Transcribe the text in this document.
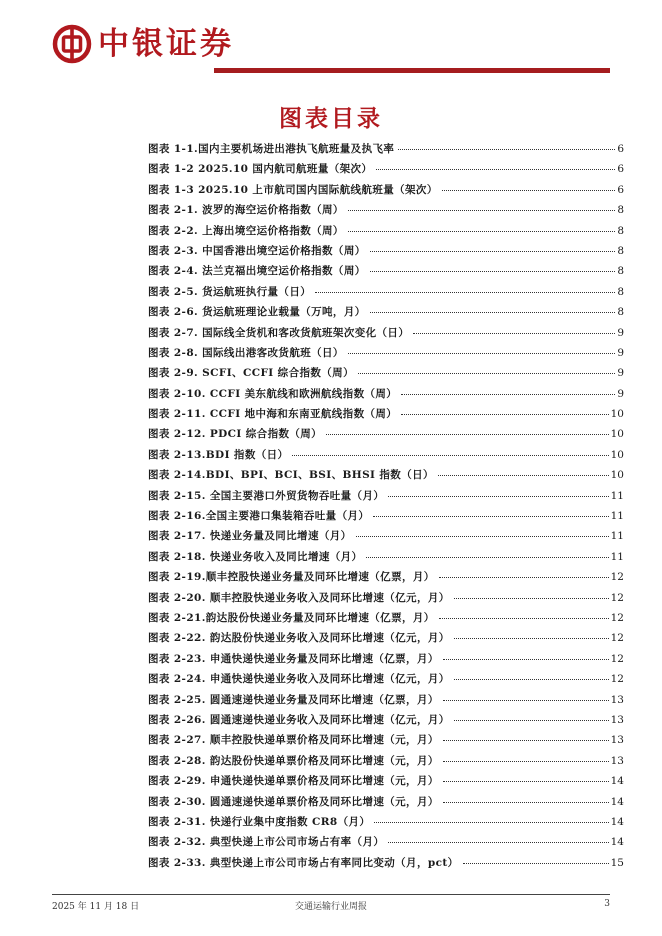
中银证券
图表目录
图表 1-1.国内主要机场进出港执飞航班量及执飞率	6
图表 1-2 2025.10 国内航司航班量（架次）	6
图表 1-3 2025.10 上市航司国内国际航线航班量（架次）	6
图表 2-1. 波罗的海空运价格指数（周）	8
图表 2-2. 上海出境空运价格指数（周）	8
图表 2-3. 中国香港出境空运价格指数（周）	8
图表 2-4. 法兰克福出境空运价格指数（周）	8
图表 2-5. 货运航班执行量（日）	8
图表 2-6. 货运航班理论业载量（万吨，月）	8
图表 2-7. 国际线全货机和客改货航班架次变化（日）	9
图表 2-8. 国际线出港客改货航班（日）	9
图表 2-9. SCFI、CCFI 综合指数（周）	9
图表 2-10. CCFI 美东航线和欧洲航线指数（周）	9
图表 2-11. CCFI 地中海和东南亚航线指数（周）	10
图表 2-12. PDCI 综合指数（周）	10
图表 2-13.BDI 指数（日）	10
图表 2-14.BDI、BPI、BCI、BSI、BHSI 指数（日）	10
图表 2-15. 全国主要港口外贸货物吞吐量（月）	11
图表 2-16.全国主要港口集装箱吞吐量（月）	11
图表 2-17. 快递业务量及同比增速（月）	11
图表 2-18. 快递业务收入及同比增速（月）	11
图表 2-19.顺丰控股快递业务量及同环比增速（亿票，月）	12
图表 2-20. 顺丰控股快递业务收入及同环比增速（亿元，月）	12
图表 2-21.韵达股份快递业务量及同环比增速（亿票，月）	12
图表 2-22. 韵达股份快递业务收入及同环比增速（亿元，月）	12
图表 2-23. 申通快递快递业务量及同环比增速（亿票，月）	12
图表 2-24. 申通快递快递业务收入及同环比增速（亿元，月）	12
图表 2-25. 圆通速递快递业务量及同环比增速（亿票，月）	13
图表 2-26. 圆通速递快递业务收入及同环比增速（亿元，月）	13
图表 2-27. 顺丰控股快递单票价格及同环比增速（元，月）	13
图表 2-28. 韵达股份快递单票价格及同环比增速（元，月）	13
图表 2-29. 申通快递快递单票价格及同环比增速（元，月）	14
图表 2-30. 圆通速递快递单票价格及同环比增速（元，月）	14
图表 2-31. 快递行业集中度指数 CR8（月）	14
图表 2-32. 典型快递上市公司市场占有率（月）	14
图表 2-33. 典型快递上市公司市场占有率同比变动（月，pct）	15
2025 年 11 月 18 日	交通运输行业周报	3
